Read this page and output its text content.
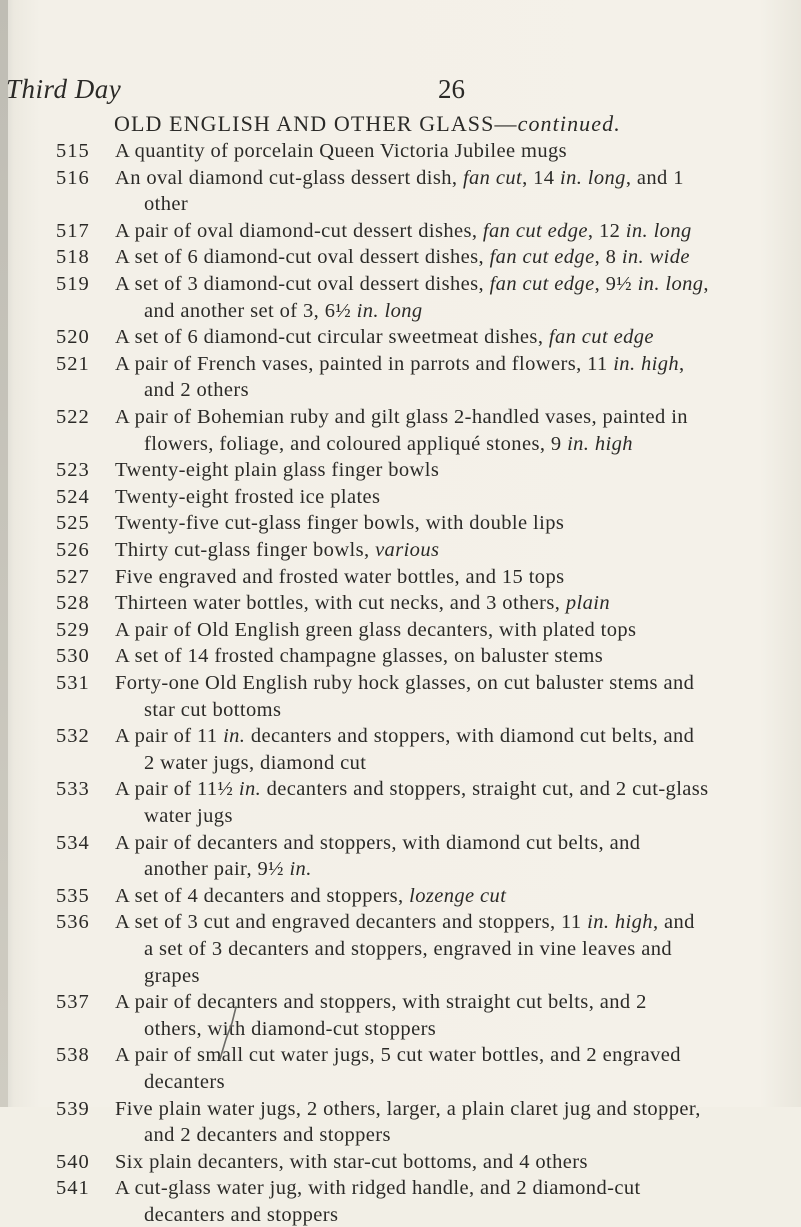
Third Day	26
OLD ENGLISH AND OTHER GLASS—continued.
515 A quantity of porcelain Queen Victoria Jubilee mugs
516 An oval diamond cut-glass dessert dish, fan cut, 14 in. long, and 1
other
517 A pair of oval diamond-cut dessert dishes, fan cut edge, 12 in. long
518 A set of 6 diamond-cut oval dessert dishes, fan cut edge, 8 in. wide
519 A set of 3 diamond-cut oval dessert dishes, fan cut edge, 9½ in. long,
and another set of 3, 6½ in. long
520 A set of 6 diamond-cut circular sweetmeat dishes, fan cut edge
521 A pair of French vases, painted in parrots and flowers, 11 in. high,
and 2 others
522 A pair of Bohemian ruby and gilt glass 2-handled vases, painted in
flowers, foliage, and coloured appliqué stones, 9 in. high
523 Twenty-eight plain glass finger bowls
524 Twenty-eight frosted ice plates
525 Twenty-five cut-glass finger bowls, with double lips
526 Thirty cut-glass finger bowls, various
527 Five engraved and frosted water bottles, and 15 tops
528 Thirteen water bottles, with cut necks, and 3 others, plain
529 A pair of Old English green glass decanters, with plated tops
530 A set of 14 frosted champagne glasses, on baluster stems
531 Forty-one Old English ruby hock glasses, on cut baluster stems and
star cut bottoms
532 A pair of 11 in. decanters and stoppers, with diamond cut belts, and
2 water jugs, diamond cut
533 A pair of 11½ in. decanters and stoppers, straight cut, and 2 cut-glass
water jugs
534 A pair of decanters and stoppers, with diamond cut belts, and
another pair, 9½ in.
535 A set of 4 decanters and stoppers, lozenge cut
536 A set of 3 cut and engraved decanters and stoppers, 11 in. high, and
a set of 3 decanters and stoppers, engraved in vine leaves and
grapes
537 A pair of decanters and stoppers, with straight cut belts, and 2
others, with diamond-cut stoppers
538 A pair of small cut water jugs, 5 cut water bottles, and 2 engraved
decanters
539 Five plain water jugs, 2 others, larger, a plain claret jug and stopper,
and 2 decanters and stoppers
540 Six plain decanters, with star-cut bottoms, and 4 others
541 A cut-glass water jug, with ridged handle, and 2 diamond-cut
decanters and stoppers
